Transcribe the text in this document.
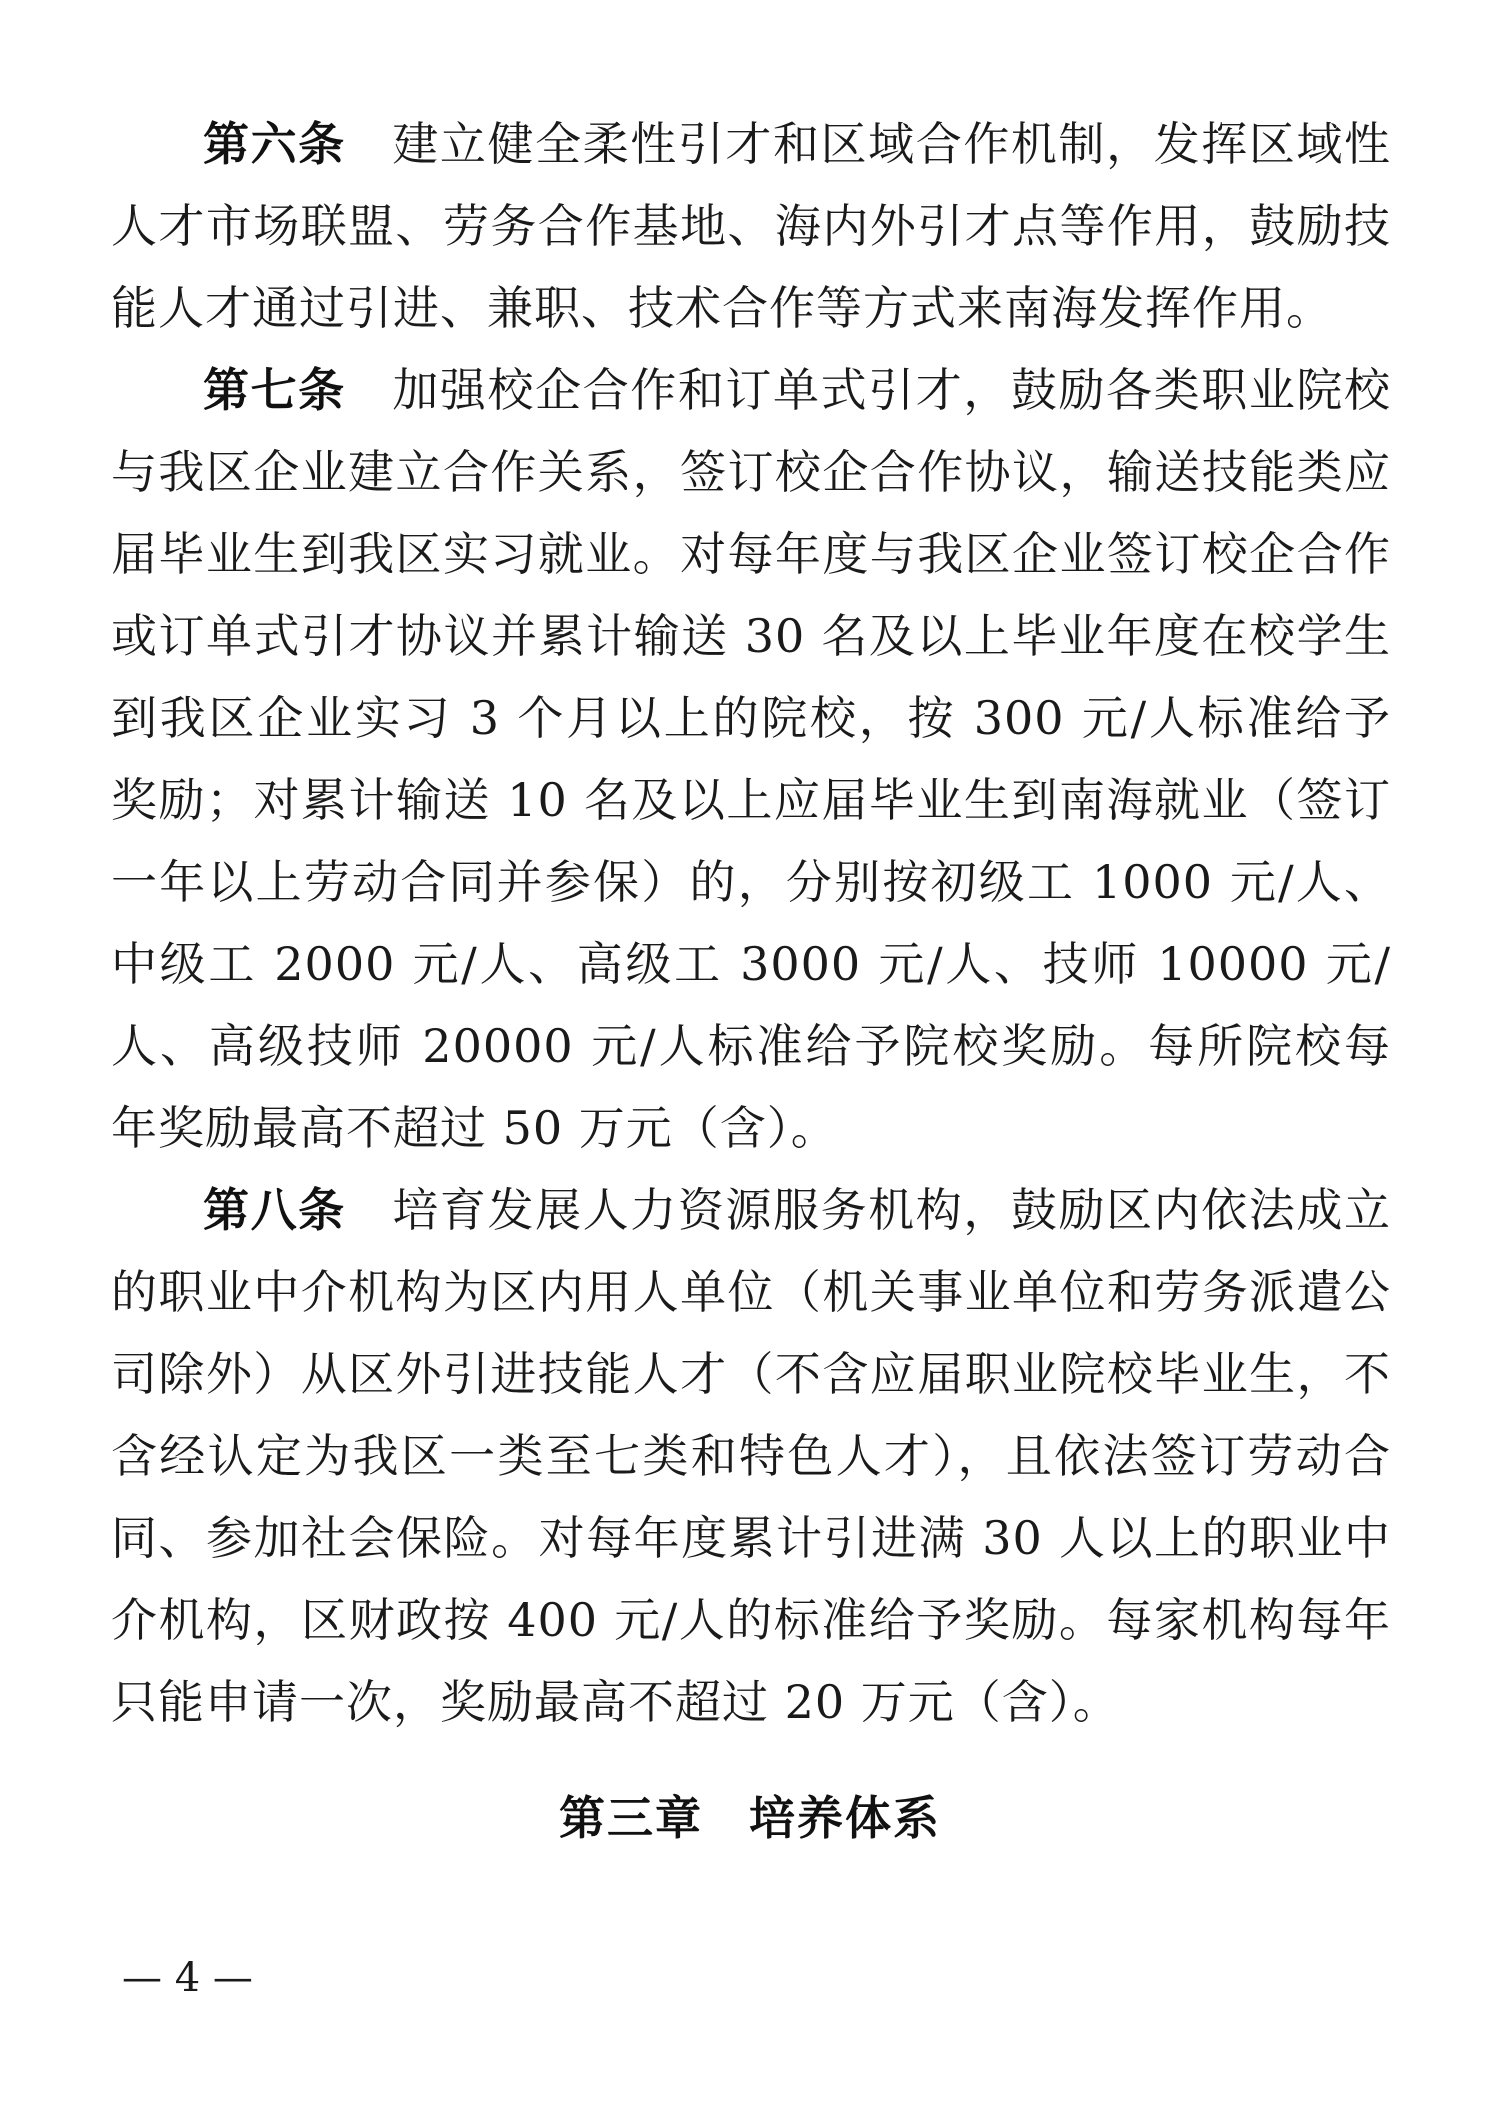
第六条 建立健全柔性引才和区域合作机制，发挥区域性人才市场联盟、劳务合作基地、海内外引才点等作用，鼓励技能人才通过引进、兼职、技术合作等方式来南海发挥作用。

第七条 加强校企合作和订单式引才，鼓励各类职业院校与我区企业建立合作关系，签订校企合作协议，输送技能类应届毕业生到我区实习就业。对每年度与我区企业签订校企合作或订单式引才协议并累计输送 30 名及以上毕业年度在校学生到我区企业实习 3 个月以上的院校，按 300 元/人标准给予奖励；对累计输送 10 名及以上应届毕业生到南海就业（签订一年以上劳动合同并参保）的，分别按初级工 1000 元/人、中级工 2000 元/人、高级工 3000 元/人、技师 10000 元/人、高级技师 20000 元/人标准给予院校奖励。每所院校每年奖励最高不超过 50 万元（含）。

第八条 培育发展人力资源服务机构，鼓励区内依法成立的职业中介机构为区内用人单位（机关事业单位和劳务派遣公司除外）从区外引进技能人才（不含应届职业院校毕业生，不含经认定为我区一类至七类和特色人才），且依法签订劳动合同、参加社会保险。对每年度累计引进满 30 人以上的职业中介机构，区财政按 400 元/人的标准给予奖励。每家机构每年只能申请一次，奖励最高不超过 20 万元（含）。

第三章 培养体系
— 4 —
